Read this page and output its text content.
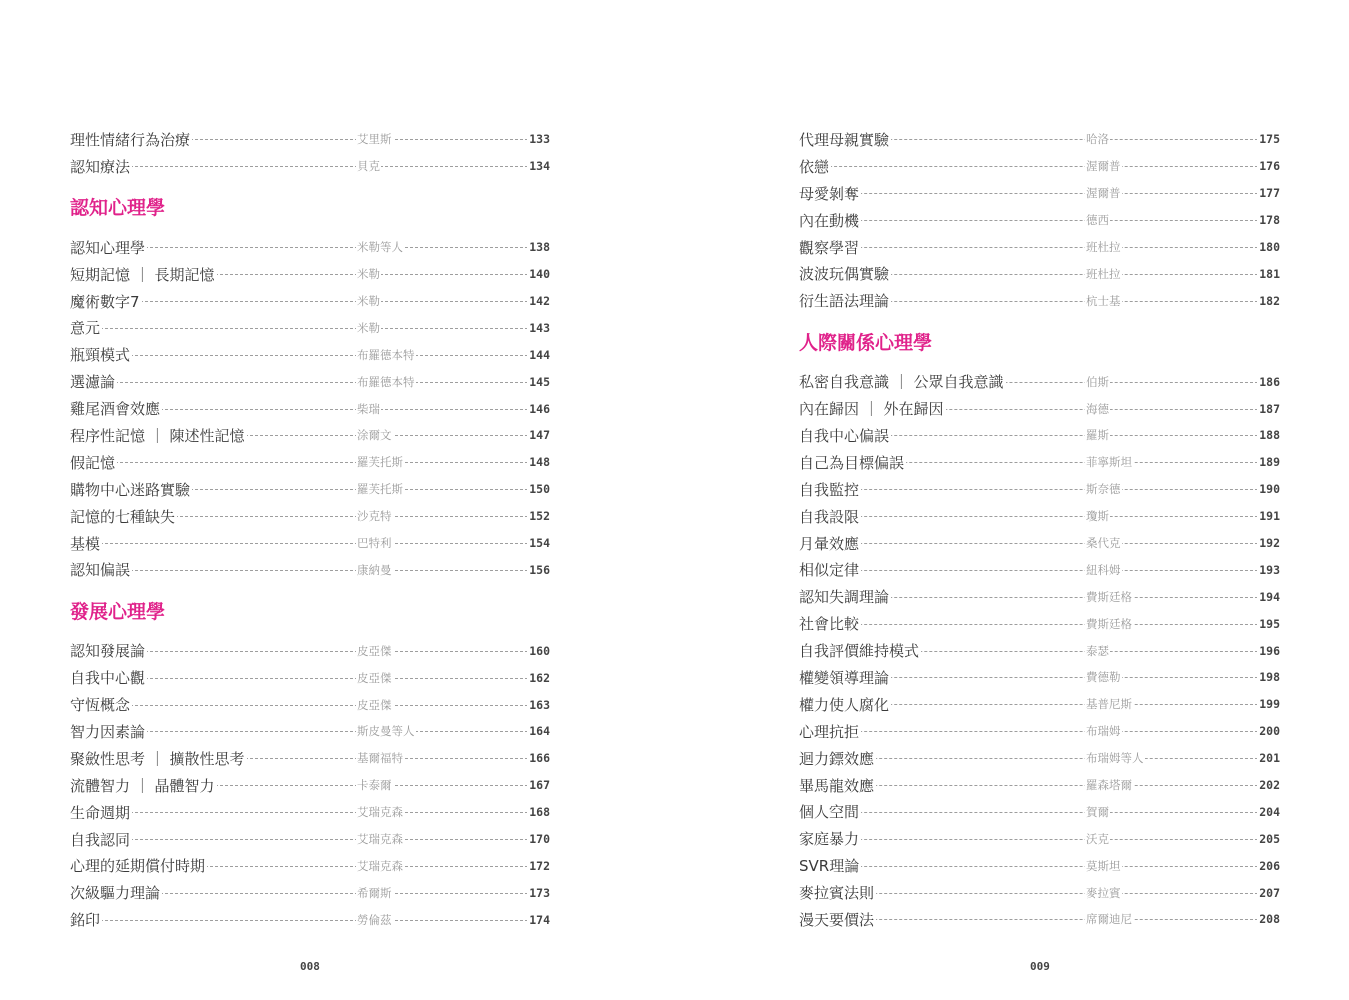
理性情緒行為治療	艾里斯	133
認知療法	貝克	134
認知心理學
認知心理學	米勒等人	138
短期記憶 ｜ 長期記憶	米勒	140
魔術數字7	米勒	142
意元	米勒	143
瓶頸模式	布羅德本特	144
選濾論	布羅德本特	145
雞尾酒會效應	柴瑞	146
程序性記憶 ｜ 陳述性記憶	涂爾文	147
假記憶	羅芙托斯	148
購物中心迷路實驗	羅芙托斯	150
記憶的七種缺失	沙克特	152
基模	巴特利	154
認知偏誤	康納曼	156
發展心理學
認知發展論	皮亞傑	160
自我中心觀	皮亞傑	162
守恆概念	皮亞傑	163
智力因素論	斯皮曼等人	164
聚斂性思考 ｜ 擴散性思考	基爾福特	166
流體智力 ｜ 晶體智力	卡泰爾	167
生命週期	艾瑞克森	168
自我認同	艾瑞克森	170
心理的延期償付時期	艾瑞克森	172
次級驅力理論	希爾斯	173
銘印	勞倫茲	174
008
代理母親實驗	哈洛	175
依戀	渥爾普	176
母愛剝奪	渥爾普	177
內在動機	德西	178
觀察學習	班杜拉	180
波波玩偶實驗	班杜拉	181
衍生語法理論	杭士基	182
人際關係心理學
私密自我意識 ｜ 公眾自我意識	伯斯	186
內在歸因 ｜ 外在歸因	海德	187
自我中心偏誤	羅斯	188
自己為目標偏誤	菲寧斯坦	189
自我監控	斯奈德	190
自我設限	瓊斯	191
月暈效應	桑代克	192
相似定律	紐科姆	193
認知失調理論	費斯廷格	194
社會比較	費斯廷格	195
自我評價維持模式	泰瑟	196
權變領導理論	費德勒	198
權力使人腐化	基普尼斯	199
心理抗拒	布瑞姆	200
迴力鏢效應	布瑞姆等人	201
畢馬龍效應	羅森塔爾	202
個人空間	賀爾	204
家庭暴力	沃克	205
SVR理論	莫斯坦	206
麥拉賓法則	麥拉賓	207
漫天要價法	席爾迪尼	208
009
